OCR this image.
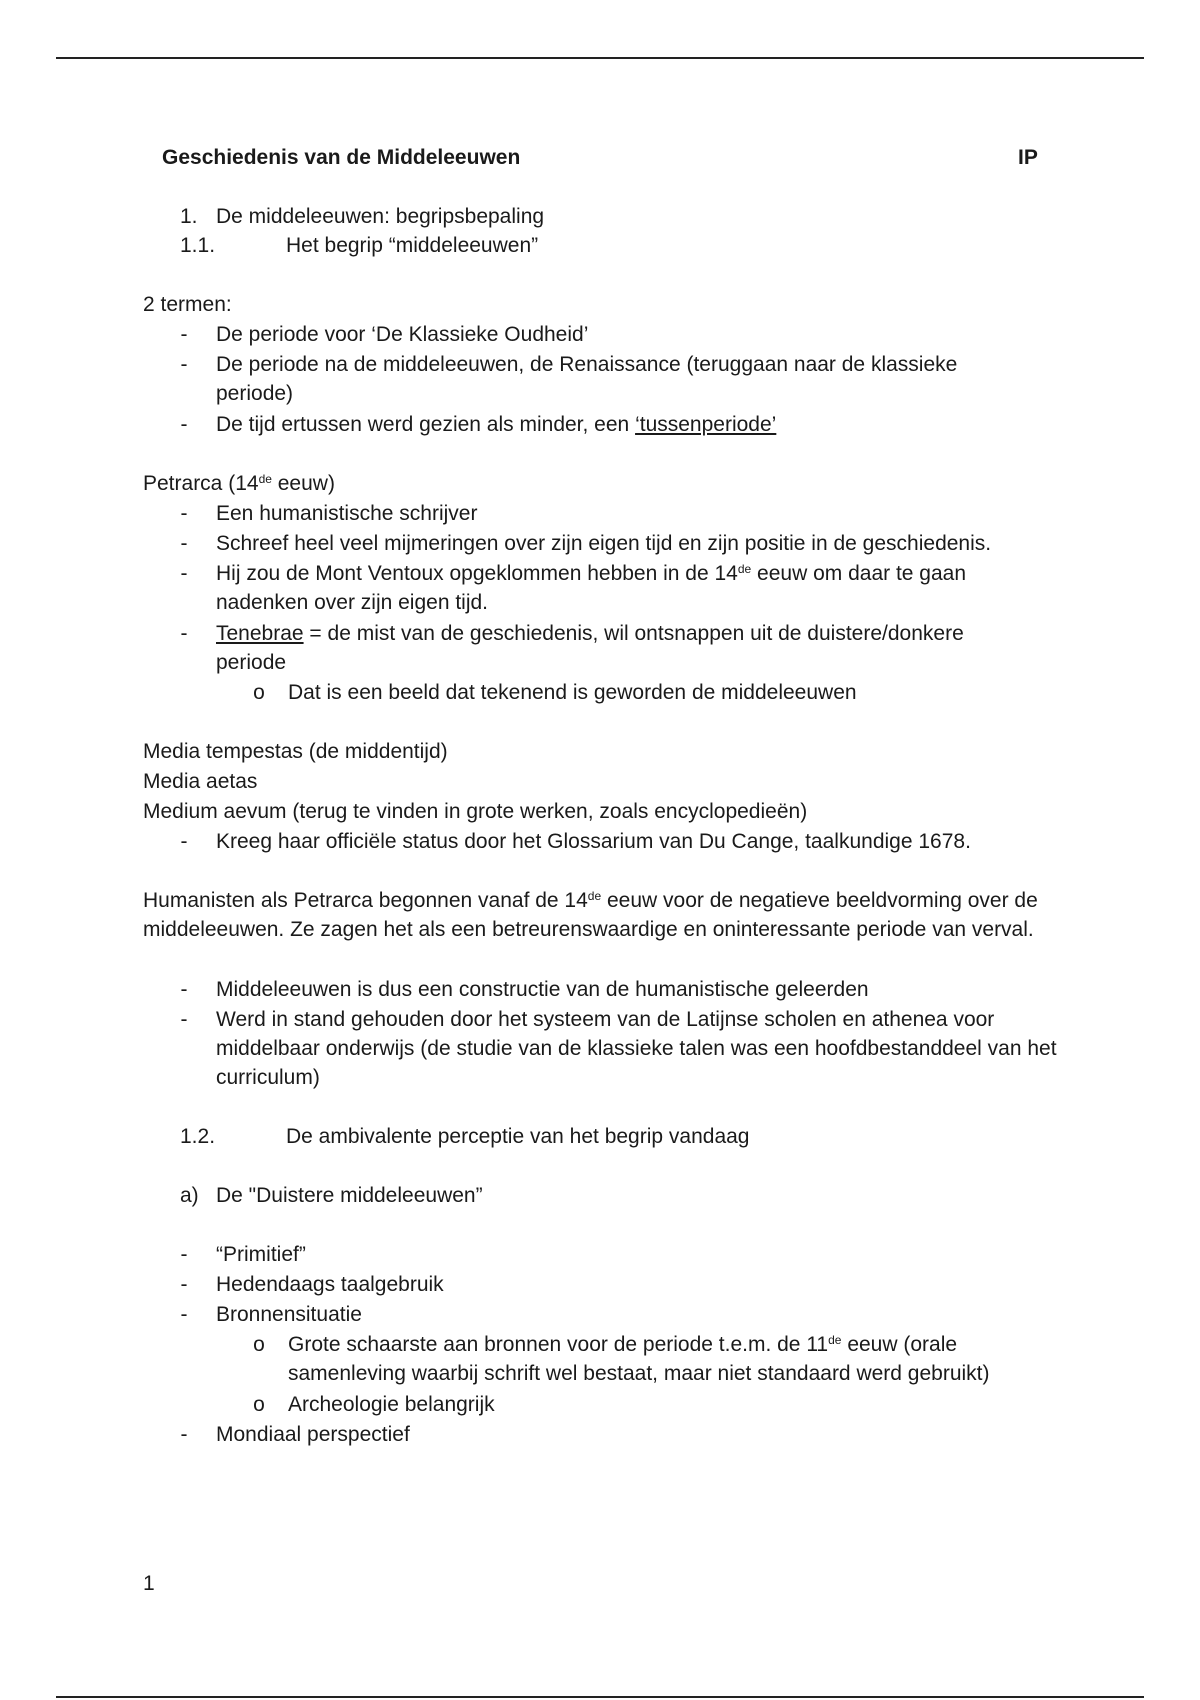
Geschiedenis van de Middeleeuwen	IP
1. De middeleeuwen: begripsbepaling
1.1.	Het begrip “middeleeuwen”
2 termen:
- De periode voor ‘De Klassieke Oudheid’
- De periode na de middeleeuwen, de Renaissance (teruggaan naar de klassieke periode)
- De tijd ertussen werd gezien als minder, een ‘tussenperiode’
Petrarca (14de eeuw)
- Een humanistische schrijver
- Schreef heel veel mijmeringen over zijn eigen tijd en zijn positie in de geschiedenis.
- Hij zou de Mont Ventoux opgeklommen hebben in de 14de eeuw om daar te gaan nadenken over zijn eigen tijd.
- Tenebrae = de mist van de geschiedenis, wil ontsnappen uit de duistere/donkere periode
o Dat is een beeld dat tekenend is geworden de middeleeuwen
Media tempestas (de middentijd)
Media aetas
Medium aevum (terug te vinden in grote werken, zoals encyclopedieën)
- Kreeg haar officiële status door het Glossarium van Du Cange, taalkundige 1678.
Humanisten als Petrarca begonnen vanaf de 14de eeuw voor de negatieve beeldvorming over de middeleeuwen. Ze zagen het als een betreurenswaardige en oninteressante periode van verval.
- Middeleeuwen is dus een constructie van de humanistische geleerden
- Werd in stand gehouden door het systeem van de Latijnse scholen en athenea voor middelbaar onderwijs (de studie van de klassieke talen was een hoofdbestanddeel van het curriculum)
1.2.	De ambivalente perceptie van het begrip vandaag
a) De "Duistere middeleeuwen”
- “Primitief”
- Hedendaags taalgebruik
- Bronnensituatie
o Grote schaarste aan bronnen voor de periode t.e.m. de 11de eeuw (orale samenleving waarbij schrift wel bestaat, maar niet standaard werd gebruikt)
o Archeologie belangrijk
- Mondiaal perspectief
1
